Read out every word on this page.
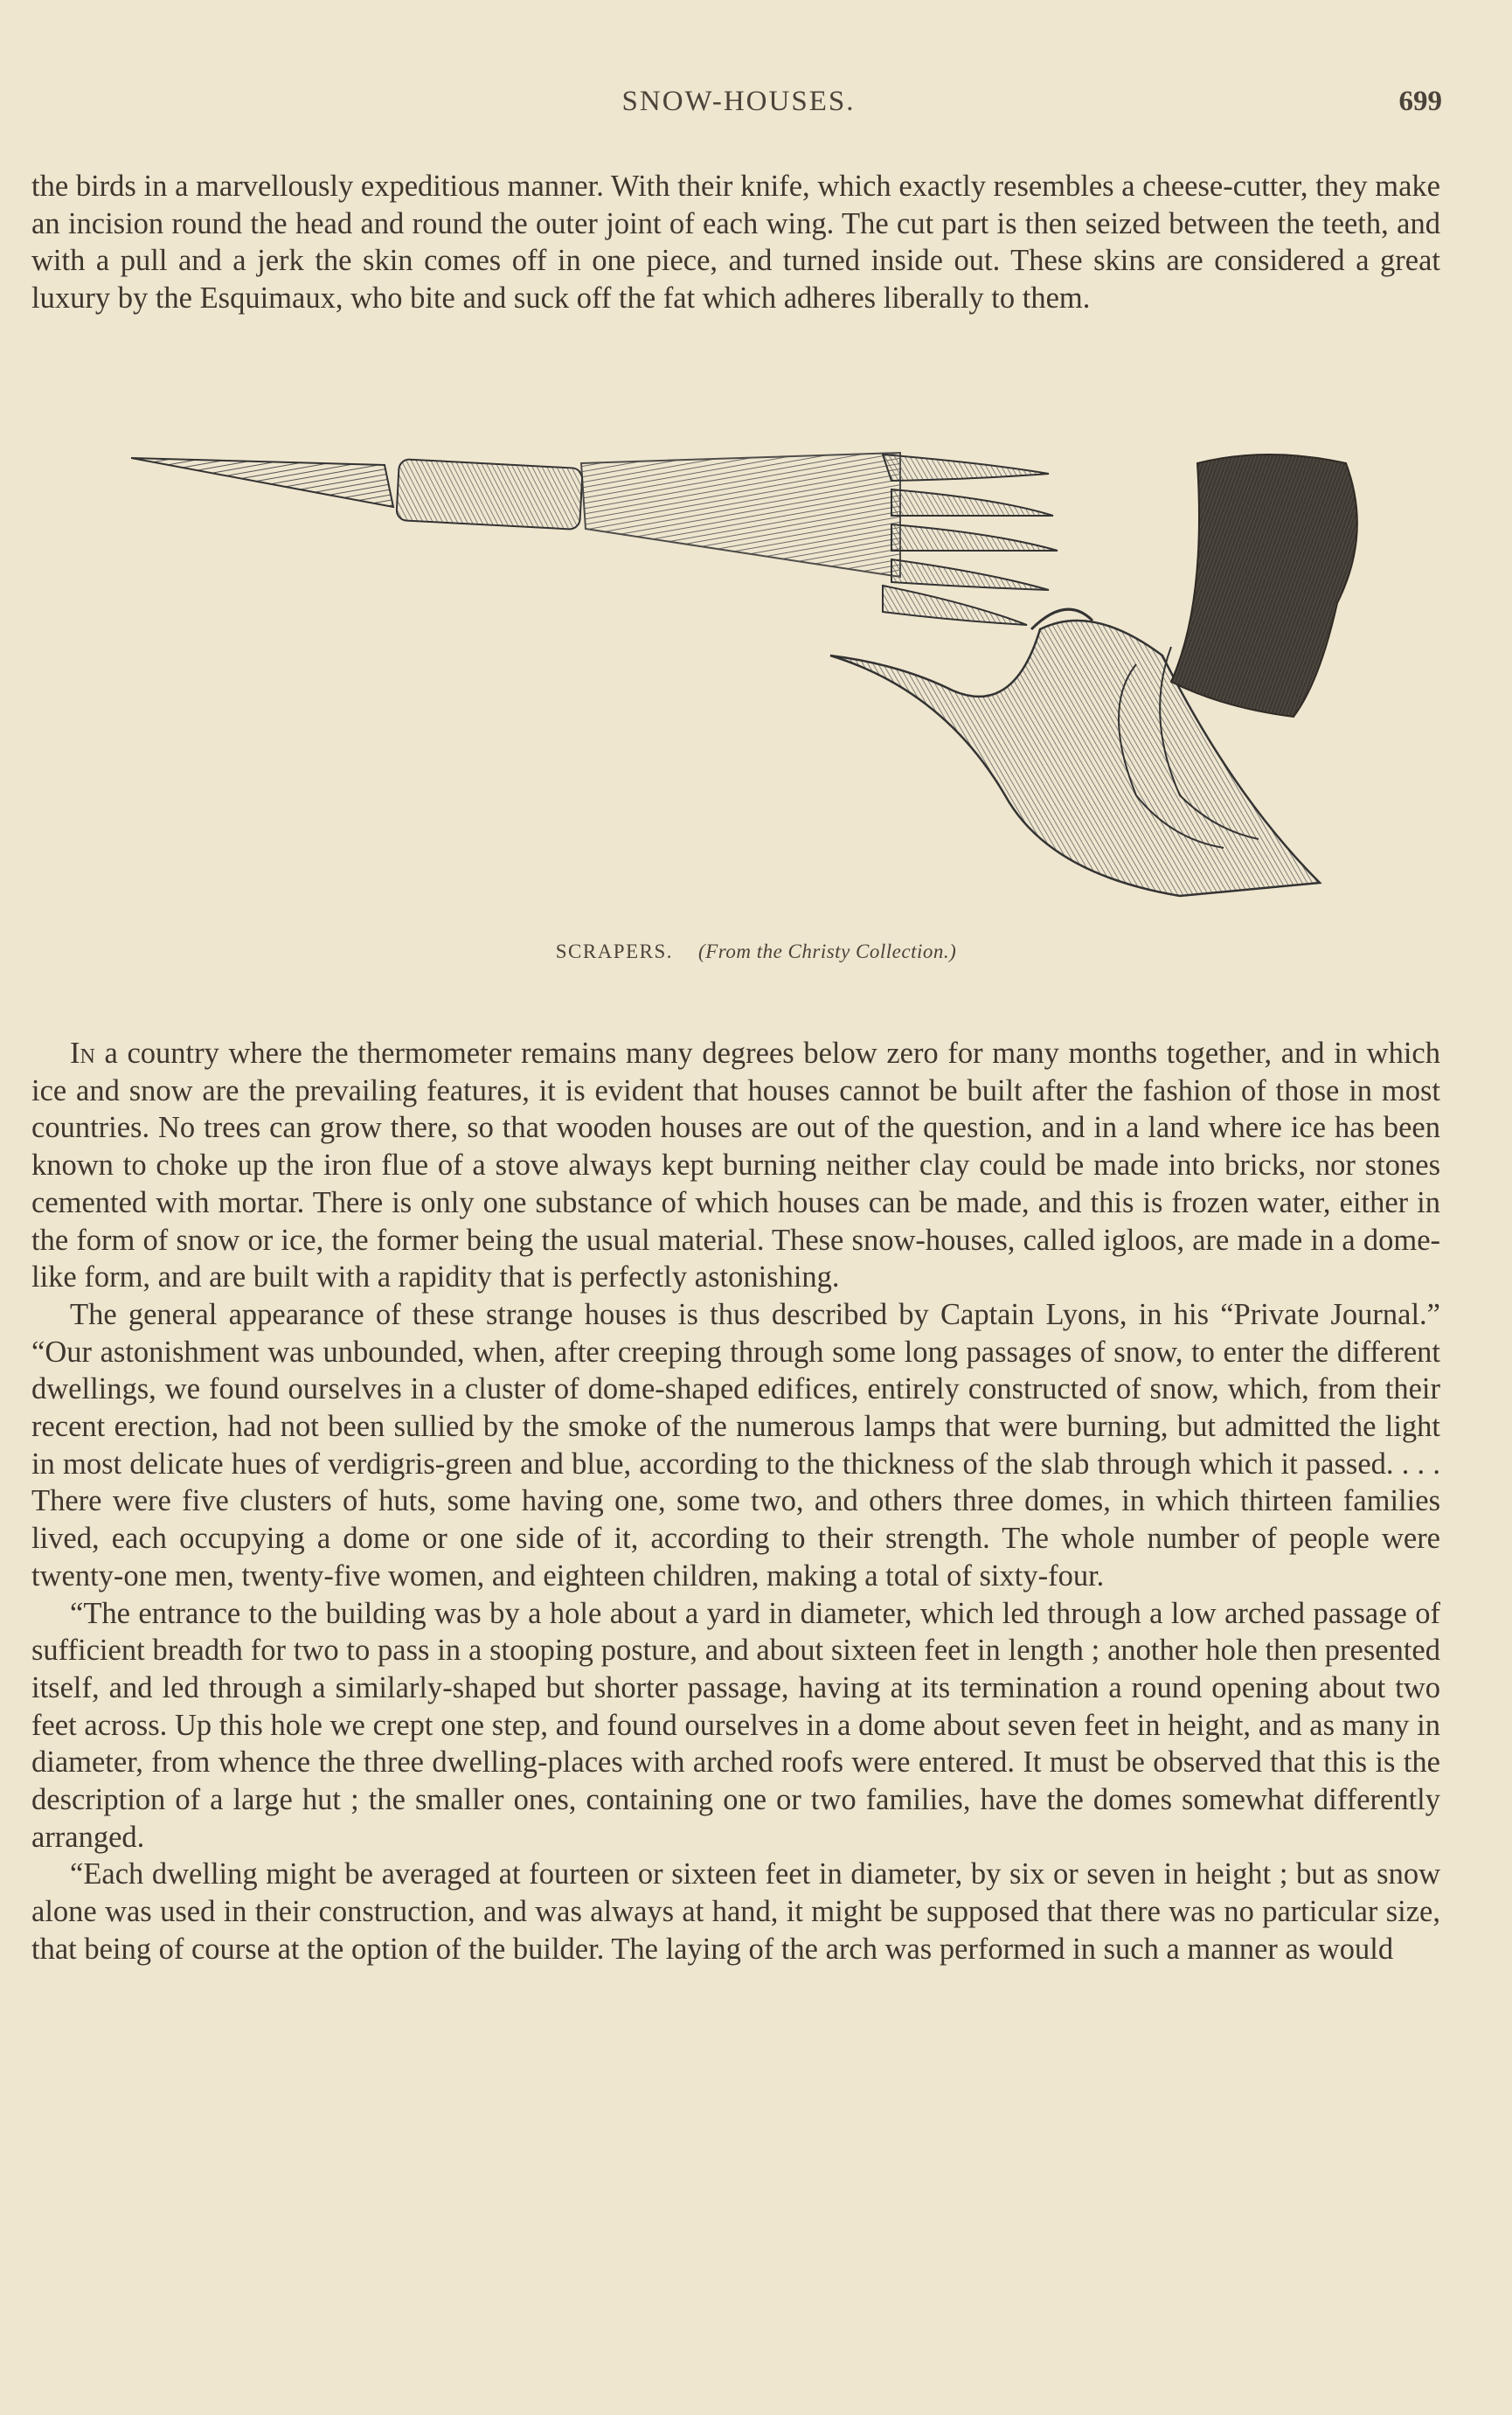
SNOW-HOUSES.	699

the birds in a marvellously expeditious manner. With their knife, which exactly resembles a cheese-cutter, they make an incision round the head and round the outer joint of each wing. The cut part is then seized between the teeth, and with a pull and a jerk the skin comes off in one piece, and turned inside out. These skins are considered a great luxury by the Esquimaux, who bite and suck off the fat which adheres liberally to them.

SCRAPERS. (From the Christy Collection.)

In a country where the thermometer remains many degrees below zero for many months together, and in which ice and snow are the prevailing features, it is evident that houses cannot be built after the fashion of those in most countries. No trees can grow there, so that wooden houses are out of the question, and in a land where ice has been known to choke up the iron flue of a stove always kept burning neither clay could be made into bricks, nor stones cemented with mortar. There is only one substance of which houses can be made, and this is frozen water, either in the form of snow or ice, the former being the usual material. These snow-houses, called igloos, are made in a dome-like form, and are built with a rapidity that is perfectly astonishing.

The general appearance of these strange houses is thus described by Captain Lyons, in his “Private Journal.” “Our astonishment was unbounded, when, after creeping through some long passages of snow, to enter the different dwellings, we found ourselves in a cluster of dome-shaped edifices, entirely constructed of snow, which, from their recent erection, had not been sullied by the smoke of the numerous lamps that were burning, but admitted the light in most delicate hues of verdigris-green and blue, according to the thickness of the slab through which it passed. . . . There were five clusters of huts, some having one, some two, and others three domes, in which thirteen families lived, each occupying a dome or one side of it, according to their strength. The whole number of people were twenty-one men, twenty-five women, and eighteen children, making a total of sixty-four.

“The entrance to the building was by a hole about a yard in diameter, which led through a low arched passage of sufficient breadth for two to pass in a stooping posture, and about sixteen feet in length ; another hole then presented itself, and led through a similarly-shaped but shorter passage, having at its termination a round opening about two feet across. Up this hole we crept one step, and found ourselves in a dome about seven feet in height, and as many in diameter, from whence the three dwelling-places with arched roofs were entered. It must be observed that this is the description of a large hut ; the smaller ones, containing one or two families, have the domes somewhat differently arranged.

“Each dwelling might be averaged at fourteen or sixteen feet in diameter, by six or seven in height ; but as snow alone was used in their construction, and was always at hand, it might be supposed that there was no particular size, that being of course at the option of the builder. The laying of the arch was performed in such a manner as would
